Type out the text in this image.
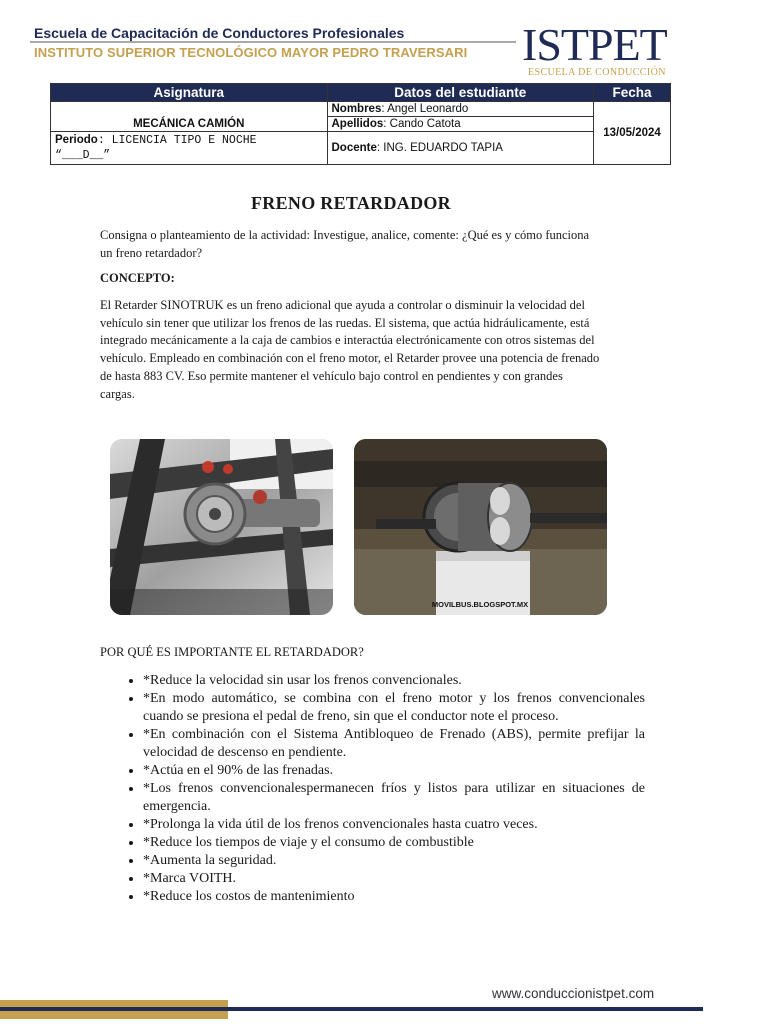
Escuela de Capacitación de Conductores Profesionales
INSTITUTO SUPERIOR TECNOLÓGICO MAYOR PEDRO TRAVERSARI ISTPET
ESCUELA DE CONDUCCIÓN
Asignatura	Datos del estudiante	Fecha
MECÁNICA CAMIÓN	Nombres: Angel Leonardo	13/05/2024
	Apellidos: Cando Catota	
Periodo: LICENCIA TIPO E NOCHE
“___D__”	Docente: ING. EDUARDO TAPIA	
FRENO RETARDADOR
Consigna o planteamiento de la actividad: Investigue, analice, comente: ¿Qué es y cómo funciona un freno retardador?
CONCEPTO:
El Retarder SINOTRUK es un freno adicional que ayuda a controlar o disminuir la velocidad del vehículo sin tener que utilizar los frenos de las ruedas. El sistema, que actúa hidráulicamente, está integrado mecánicamente a la caja de cambios e interactúa electrónicamente con otros sistemas del vehículo. Empleado en combinación con el freno motor, el Retarder provee una potencia de frenado de hasta 883 CV. Eso permite mantener el vehículo bajo control en pendientes y con grandes cargas.
MOVILBUS.BLOGSPOT.MX
POR QUÉ ES IMPORTANTE EL RETARDADOR?
• *Reduce la velocidad sin usar los frenos convencionales.
• *En modo automático, se combina con el freno motor y los frenos convencionales cuando se presiona el pedal de freno, sin que el conductor note el proceso.
• *En combinación con el Sistema Antibloqueo de Frenado (ABS), permite prefijar la velocidad de descenso en pendiente.
• *Actúa en el 90% de las frenadas.
• *Los frenos convencionalespermanecen fríos y listos para utilizar en situaciones de emergencia.
• *Prolonga la vida útil de los frenos convencionales hasta cuatro veces.
• *Reduce los tiempos de viaje y el consumo de combustible
• *Aumenta la seguridad.
• *Marca VOITH.
• *Reduce los costos de mantenimiento
www.conduccionistpet.com
